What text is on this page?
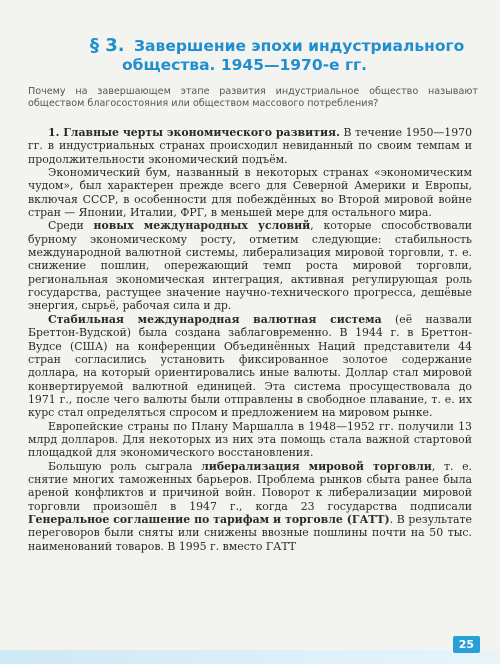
§ 3. Завершение эпохи индустриального
общества. 1945—1970-е гг.
Почему на завершающем этапе развития индустриальное общество называют обществом благосостояния или обществом массового потребления?

1. Главные черты экономического развития. В течение 1950—1970 гг. в индустриальных странах происходил невиданный по своим темпам и продолжительности экономический подъём.

Экономический бум, названный в некоторых странах «экономическим чудом», был характерен прежде всего для Северной Америки и Европы, включая СССР, в особенности для побеждённых во Второй мировой войне стран — Японии, Италии, ФРГ, в меньшей мере для остального мира.

Среди новых международных условий, которые способствовали бурному экономическому росту, отметим следующие: стабильность международной валютной системы, либерализация мировой торговли, т. е. снижение пошлин, опережающий темп роста мировой торговли, региональная экономическая интеграция, активная регулирующая роль государства, растущее значение научно-технического прогресса, дешёвые энергия, сырьё, рабочая сила и др.

Стабильная международная валютная система (её назвали Бреттон-Вудской) была создана заблаговременно. В 1944 г. в Бреттон-Вудсе (США) на конференции Объединённых Наций представители 44 стран согласились установить фиксированное золотое содержание доллара, на который ориентировались иные валюты. Доллар стал мировой конвертируемой валютной единицей. Эта система просуществовала до 1971 г., после чего валюты были отправлены в свободное плавание, т. е. их курс стал определяться спросом и предложением на мировом рынке.

Европейские страны по Плану Маршалла в 1948—1952 гг. получили 13 млрд долларов. Для некоторых из них эта помощь стала важной стартовой площадкой для экономического восстановления.

Большую роль сыграла либерализация мировой торговли, т. е. снятие многих таможенных барьеров. Проблема рынков сбыта ранее была ареной конфликтов и причиной войн. Поворот к либерализации мировой торговли произошёл в 1947 г., когда 23 государства подписали Генеральное соглашение по тарифам и торговле (ГАТТ). В результате переговоров были сняты или снижены ввозные пошлины почти на 50 тыс. наименований товаров. В 1995 г. вместо ГАТТ

25
